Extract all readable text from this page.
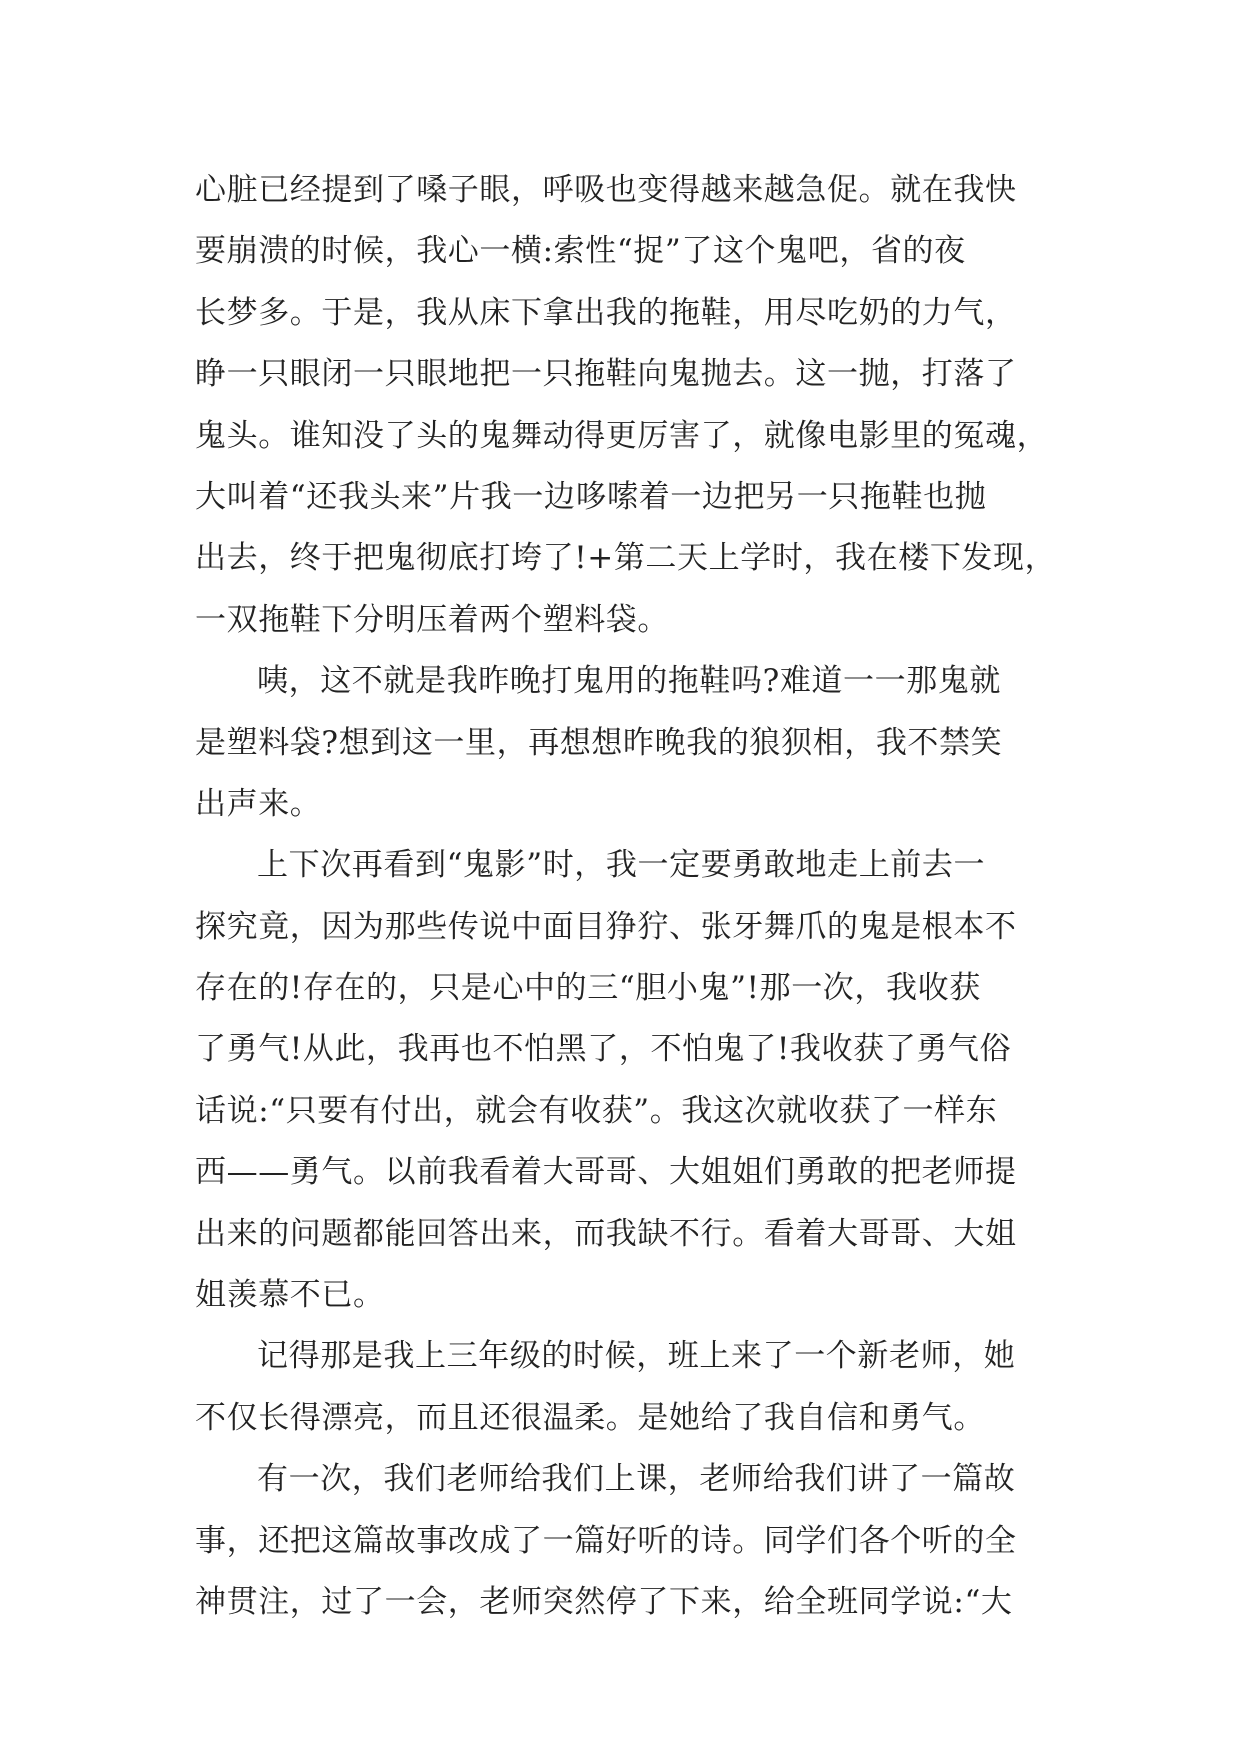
心脏已经提到了嗓子眼，呼吸也变得越来越急促。就在我快
要崩溃的时候，我心一横:索性“捉”了这个鬼吧，省的夜
长梦多。于是，我从床下拿出我的拖鞋，用尽吃奶的力气，
睁一只眼闭一只眼地把一只拖鞋向鬼抛去。这一抛，打落了
鬼头。谁知没了头的鬼舞动得更厉害了，就像电影里的冤魂，
大叫着“还我头来”片我一边哆嗦着一边把另一只拖鞋也抛
出去，终于把鬼彻底打垮了!+第二天上学时，我在楼下发现，
一双拖鞋下分明压着两个塑料袋。
咦，这不就是我昨晚打鬼用的拖鞋吗?难道一一那鬼就
是塑料袋?想到这一里，再想想昨晚我的狼狈相，我不禁笑
出声来。
上下次再看到“鬼影”时，我一定要勇敢地走上前去一
探究竟，因为那些传说中面目狰狞、张牙舞爪的鬼是根本不
存在的!存在的，只是心中的三“胆小鬼”!那一次，我收获
了勇气!从此，我再也不怕黑了，不怕鬼了!我收获了勇气俗
话说:“只要有付出，就会有收获”。我这次就收获了一样东
西——勇气。以前我看着大哥哥、大姐姐们勇敢的把老师提
出来的问题都能回答出来，而我缺不行。看着大哥哥、大姐
姐羡慕不已。
记得那是我上三年级的时候，班上来了一个新老师，她
不仅长得漂亮，而且还很温柔。是她给了我自信和勇气。
有一次，我们老师给我们上课，老师给我们讲了一篇故
事，还把这篇故事改成了一篇好听的诗。同学们各个听的全
神贯注，过了一会，老师突然停了下来，给全班同学说:“大
